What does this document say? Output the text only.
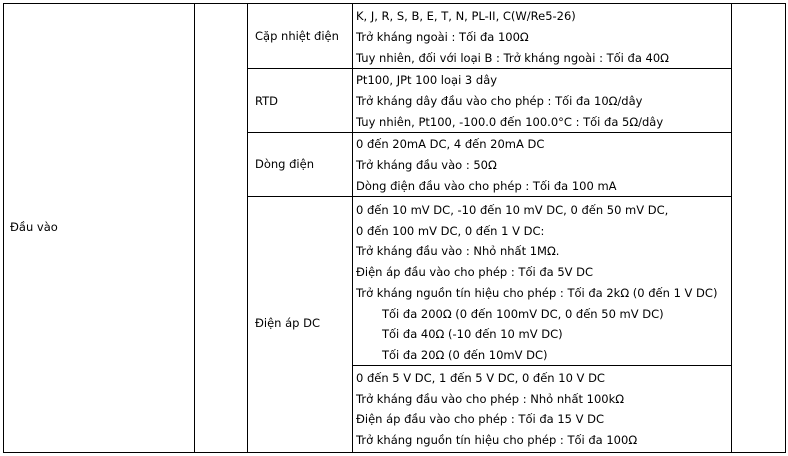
Đầu vào
Cặp nhiệt điện
RTD
Dòng điện
Điện áp DC
K, J, R, S, B, E, T, N, PL-II, C(W/Re5-26)
Trở kháng ngoài : Tối đa 100Ω
Tuy nhiên, đối với loại B : Trở kháng ngoài : Tối đa 40Ω
Pt100, JPt 100 loại 3 dây
Trở kháng dây đầu vào cho phép : Tối đa 10Ω/dây
Tuy nhiên, Pt100, -100.0 đến 100.0°C : Tối đa 5Ω/dây
0 đến 20mA DC, 4 đến 20mA DC
Trở kháng đầu vào : 50Ω
Dòng điện đầu vào cho phép : Tối đa 100 mA
0 đến 10 mV DC, -10 đến 10 mV DC, 0 đến 50 mV DC,
0 đến 100 mV DC, 0 đến 1 V DC:
Trở kháng đầu vào : Nhỏ nhất 1MΩ.
Điện áp đầu vào cho phép : Tối đa 5V DC
Trở kháng nguồn tín hiệu cho phép : Tối đa 2kΩ (0 đến 1 V DC)
Tối đa 200Ω (0 đến 100mV DC, 0 đến 50 mV DC)
Tối đa 40Ω (-10 đến 10 mV DC)
Tối đa 20Ω (0 đến 10mV DC)
0 đến 5 V DC, 1 đến 5 V DC, 0 đến 10 V DC
Trở kháng đầu vào cho phép : Nhỏ nhất 100kΩ
Điện áp đầu vào cho phép : Tối đa 15 V DC
Trở kháng nguồn tín hiệu cho phép : Tối đa 100Ω
